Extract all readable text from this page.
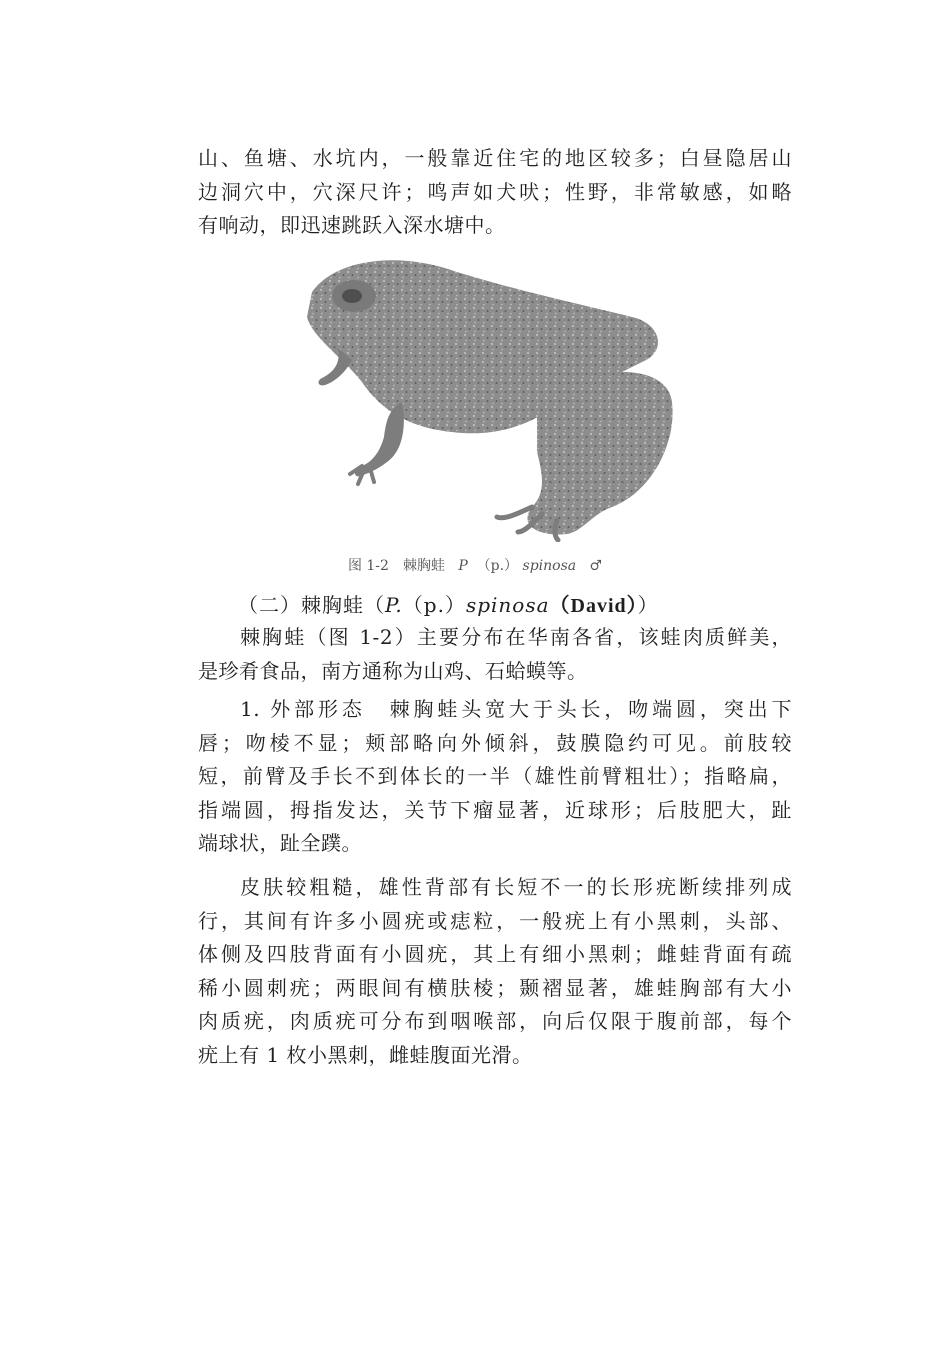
山、鱼塘、水坑内，一般靠近住宅的地区较多；白昼隐居山
边洞穴中，穴深尺许；鸣声如犬吠；性野，非常敏感，如略
有响动，即迅速跳跃入深水塘中。
图 1-2　棘胸蛙 P （p.） spinosa ♂
（二）棘胸蛙（P.（p.）spinosa（David））
棘胸蛙（图 1-2）主要分布在华南各省，该蛙肉质鲜美，
是珍肴食品，南方通称为山鸡、石蛤蟆等。
1. 外部形态　棘胸蛙头宽大于头长，吻端圆，突出下
唇；吻棱不显；颊部略向外倾斜，鼓膜隐约可见。前肢较
短，前臂及手长不到体长的一半（雄性前臂粗壮）；指略扁，
指端圆，拇指发达，关节下瘤显著，近球形；后肢肥大，趾
端球状，趾全蹼。
皮肤较粗糙，雄性背部有长短不一的长形疣断续排列成
行，其间有许多小圆疣或痣粒，一般疣上有小黑刺，头部、
体侧及四肢背面有小圆疣，其上有细小黑刺；雌蛙背面有疏
稀小圆刺疣；两眼间有横肤棱；颞褶显著，雄蛙胸部有大小
肉质疣，肉质疣可分布到咽喉部，向后仅限于腹前部，每个
疣上有 1 枚小黑刺，雌蛙腹面光滑。
